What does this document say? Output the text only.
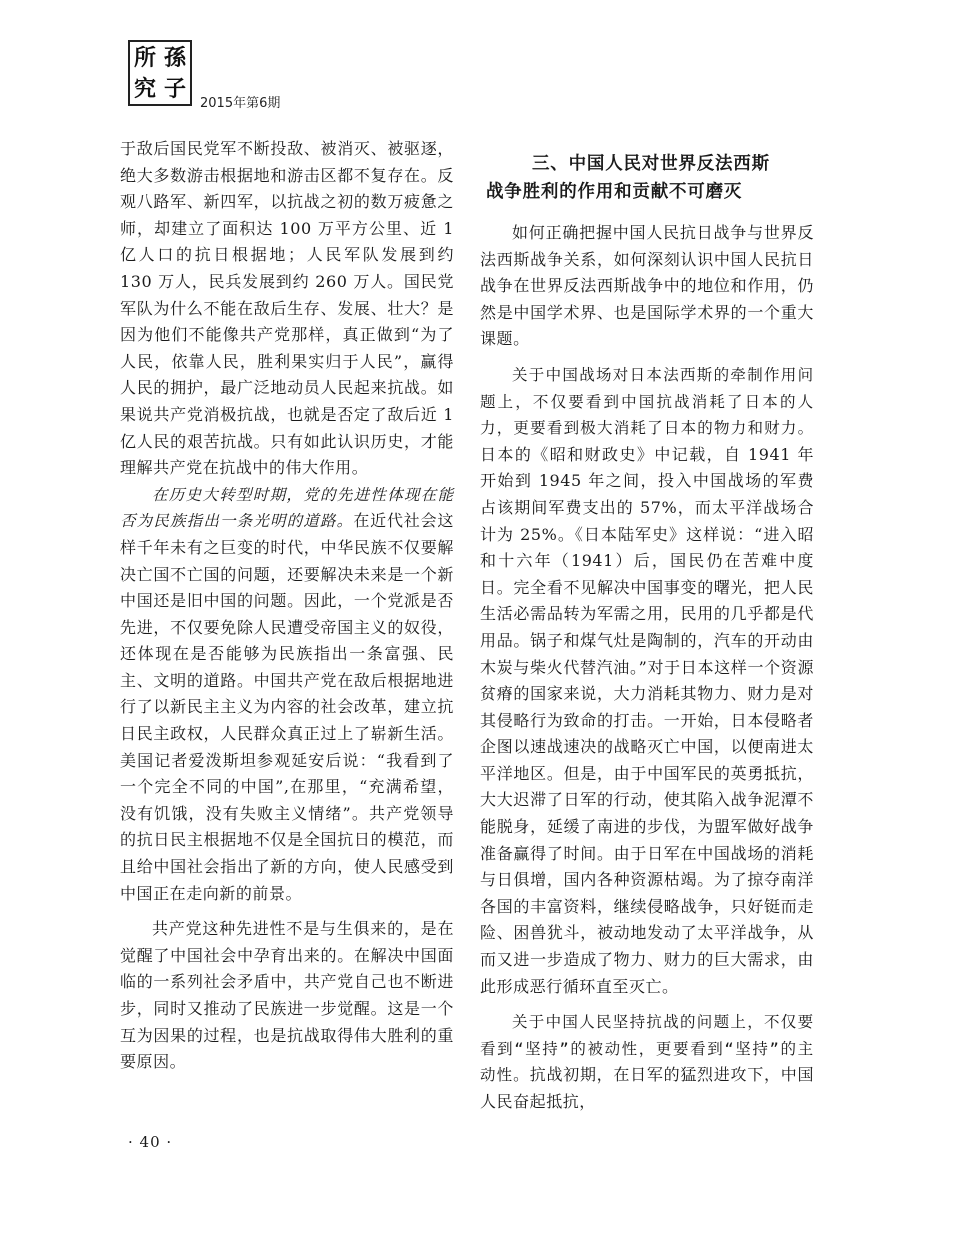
所 孫
究 子
2015年第6期

于敌后国民党军不断投敌、被消灭、被驱逐，绝大多数游击根据地和游击区都不复存在。反观八路军、新四军，以抗战之初的数万疲惫之师，却建立了面积达 100 万平方公里、近 1 亿人口的抗日根据地；人民军队发展到约 130 万人，民兵发展到约 260 万人。国民党军队为什么不能在敌后生存、发展、壮大？是因为他们不能像共产党那样，真正做到“为了人民，依靠人民，胜利果实归于人民”，赢得人民的拥护，最广泛地动员人民起来抗战。如果说共产党消极抗战，也就是否定了敌后近 1 亿人民的艰苦抗战。只有如此认识历史，才能理解共产党在抗战中的伟大作用。

在历史大转型时期，党的先进性体现在能否为民族指出一条光明的道路。在近代社会这样千年未有之巨变的时代，中华民族不仅要解决亡国不亡国的问题，还要解决未来是一个新中国还是旧中国的问题。因此，一个党派是否先进，不仅要免除人民遭受帝国主义的奴役，还体现在是否能够为民族指出一条富强、民主、文明的道路。中国共产党在敌后根据地进行了以新民主主义为内容的社会改革，建立抗日民主政权，人民群众真正过上了崭新生活。美国记者爱泼斯坦参观延安后说：“我看到了一个完全不同的中国”,在那里，“充满希望，没有饥饿，没有失败主义情绪”。共产党领导的抗日民主根据地不仅是全国抗日的模范，而且给中国社会指出了新的方向，使人民感受到中国正在走向新的前景。

共产党这种先进性不是与生俱来的，是在觉醒了中国社会中孕育出来的。在解决中国面临的一系列社会矛盾中，共产党自己也不断进步，同时又推动了民族进一步觉醒。这是一个互为因果的过程，也是抗战取得伟大胜利的重要原因。

三、中国人民对世界反法西斯
战争胜利的作用和贡献不可磨灭

如何正确把握中国人民抗日战争与世界反法西斯战争关系，如何深刻认识中国人民抗日战争在世界反法西斯战争中的地位和作用，仍然是中国学术界、也是国际学术界的一个重大课题。

关于中国战场对日本法西斯的牵制作用问题上，不仅要看到中国抗战消耗了日本的人力，更要看到极大消耗了日本的物力和财力。日本的《昭和财政史》中记载，自 1941 年开始到 1945 年之间，投入中国战场的军费占该期间军费支出的 57%，而太平洋战场合计为 25%。《日本陆军史》这样说：“进入昭和十六年（1941）后，国民仍在苦难中度日。完全看不见解决中国事变的曙光，把人民生活必需品转为军需之用，民用的几乎都是代用品。锅子和煤气灶是陶制的，汽车的开动由木炭与柴火代替汽油。”对于日本这样一个资源贫瘠的国家来说，大力消耗其物力、财力是对其侵略行为致命的打击。一开始，日本侵略者企图以速战速决的战略灭亡中国，以便南进太平洋地区。但是，由于中国军民的英勇抵抗，大大迟滞了日军的行动，使其陷入战争泥潭不能脱身，延缓了南进的步伐，为盟军做好战争准备赢得了时间。由于日军在中国战场的消耗与日俱增，国内各种资源枯竭。为了掠夺南洋各国的丰富资料，继续侵略战争，只好铤而走险、困兽犹斗，被动地发动了太平洋战争，从而又进一步造成了物力、财力的巨大需求，由此形成恶行循环直至灭亡。

关于中国人民坚持抗战的问题上，不仅要看到“坚持”的被动性，更要看到“坚持”的主动性。抗战初期，在日军的猛烈进攻下，中国人民奋起抵抗，

· 40 ·
